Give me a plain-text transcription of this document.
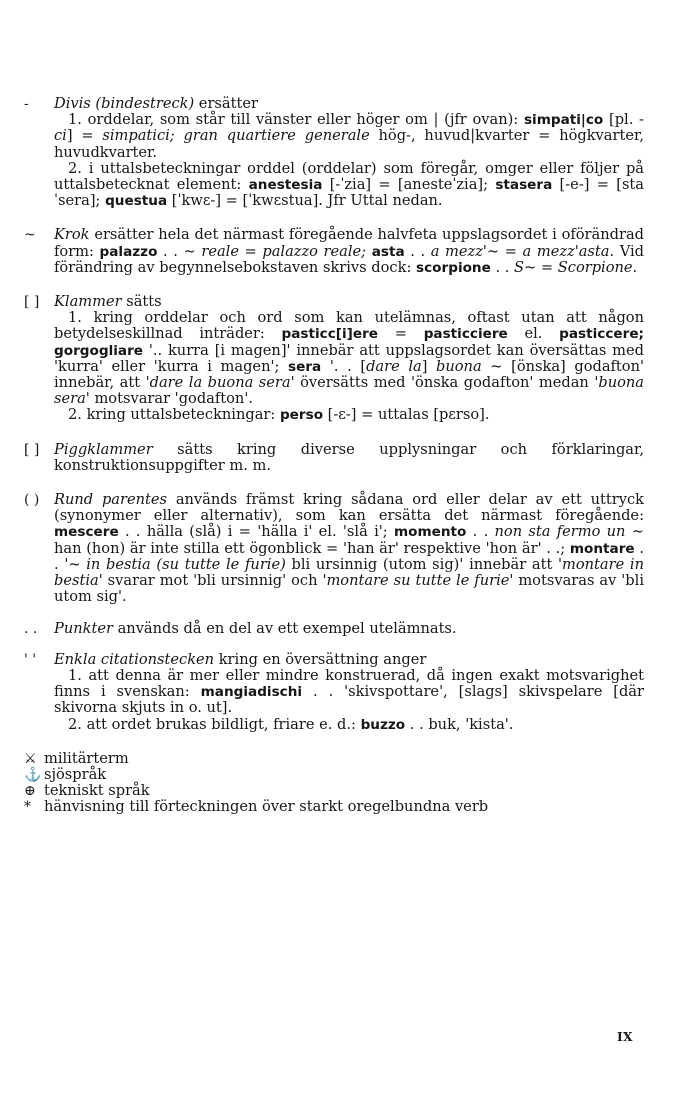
-	Divis (bindestreck) ersätter
1. orddelar, som står till vänster eller höger om | (jfr ovan): simpati|co [pl. -ci] = simpatici; gran quartiere generale hög-, huvud|kvarter = högkvarter, huvudkvarter.
2. i uttalsbeteckningar orddel (orddelar) som föregår, omger eller följer på uttalsbetecknat element: anestesia [-ˈzia] = [anesteˈzia]; stasera [-e-] = [staˈsera]; questua [ˈkwɛ-] = [ˈkwɛstua]. Jfr Uttal nedan.
~	Krok ersätter hela det närmast föregående halvfeta uppslagsordet i oförändrad form: palazzo . . ~ reale = palazzo reale; asta . . a mezz'~ = a mezz'asta. Vid förändring av begynnelsebokstaven skrivs dock: scorpione . . S~ = Scorpione.
[ ]	Klammer sätts
1. kring orddelar och ord som kan utelämnas, oftast utan att någon betydelseskillnad inträder: pasticc[i]ere = pasticciere el. pasticcere; gorgogliare '.. kurra [i magen]' innebär att uppslagsordet kan översättas med 'kurra' eller 'kurra i magen'; sera '. . [dare la] buona ~ [önska] godafton' innebär, att 'dare la buona sera' översätts med 'önska godafton' medan 'buona sera' motsvarar 'godafton'.
2. kring uttalsbeteckningar: perso [-ɛ-] = uttalas [pɛrso].
[ ]	Piggklammer sätts kring diverse upplysningar och förklaringar, konstruktionsuppgifter m. m.
( )	Rund parentes används främst kring sådana ord eller delar av ett uttryck (synonymer eller alternativ), som kan ersätta det närmast föregående: mescere . . hälla (slå) i = 'hälla i' el. 'slå i'; momento . . non sta fermo un ~ han (hon) är inte stilla ett ögonblick = 'han är' respektive 'hon är' . .; montare . . '~ in bestia (su tutte le furie) bli ursinnig (utom sig)' innebär att 'montare in bestia' svarar mot 'bli ursinnig' och 'montare su tutte le furie' motsvaras av 'bli utom sig'.
. .	Punkter används då en del av ett exempel utelämnats.
' '	Enkla citationstecken kring en översättning anger
1. att denna är mer eller mindre konstruerad, då ingen exakt motsvarighet finns i svenskan: mangiadischi . . 'skivspottare', [slags] skivspelare [där skivorna skjuts in o. ut].
2. att ordet brukas bildligt, friare e. d.: buzzo . . buk, 'kista'.
⚔ militärterm
⚓ sjöspråk
⊕ tekniskt språk
* hänvisning till förteckningen över starkt oregelbundna verb
IX
